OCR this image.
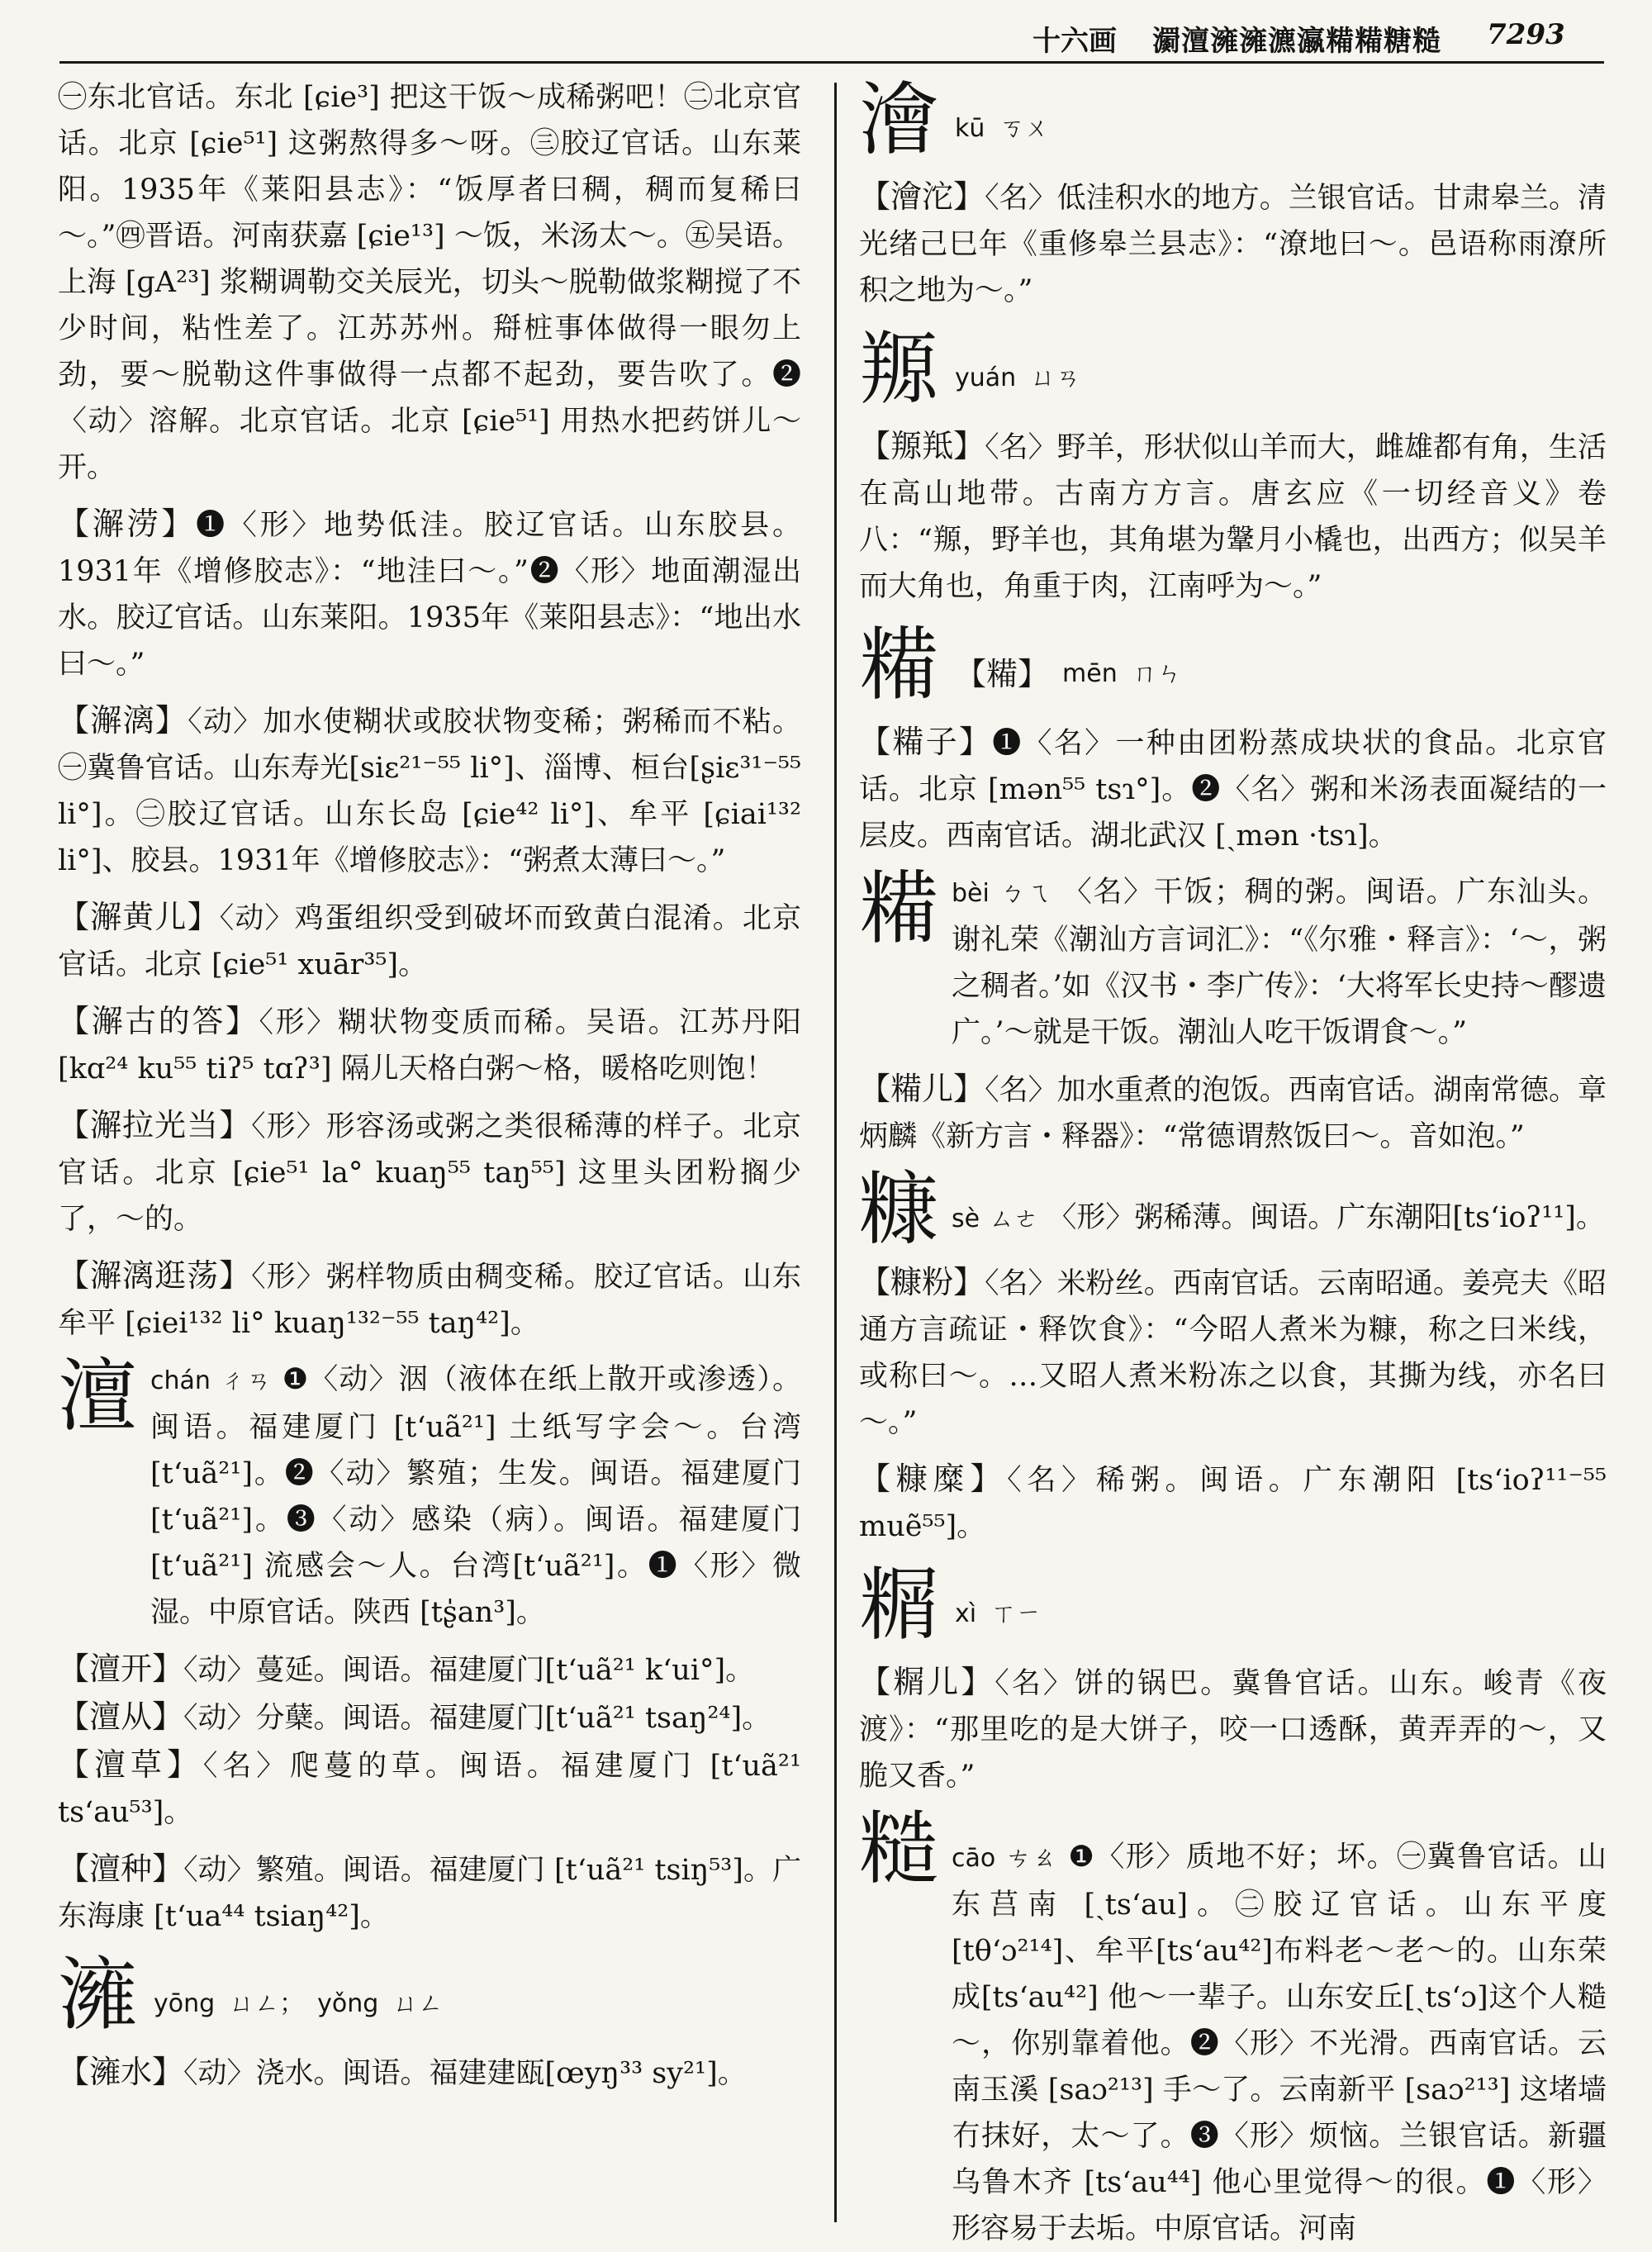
十六画 瀱澶澭澭瀌瀛糒糒糖糙 7293

㊀东北官话。东北 [ɕie³] 把这干饭～成稀粥吧！㊁北京官话。北京 [ɕie⁵¹] 这粥熬得多～呀。㊂胶辽官话。山东莱阳。1935年《莱阳县志》：“饭厚者曰稠，稠而复稀曰～。”㊃晋语。河南获嘉 [ɕie¹³] ～饭，米汤太～。㊄吴语。上海 [ɡA²³] 浆糊调勒交关辰光，切头～脱勒做浆糊搅了不少时间，粘性差了。江苏苏州。搿桩事体做得一眼勿上劲，要～脱勒这件事做得一点都不起劲，要告吹了。❷〈动〉溶解。北京官话。北京 [ɕie⁵¹] 用热水把药饼儿～开。

【澥涝】❶〈形〉地势低洼。胶辽官话。山东胶县。1931年《增修胶志》：“地洼曰～。”❷〈形〉地面潮湿出水。胶辽官话。山东莱阳。1935年《莱阳县志》：“地出水曰～。”

【澥漓】〈动〉加水使糊状或胶状物变稀；粥稀而不粘。㊀冀鲁官话。山东寿光[siɛ²¹⁻⁵⁵ li°]、淄博、桓台[ʂiɛ³¹⁻⁵⁵ li°]。㊁胶辽官话。山东长岛 [ɕie⁴² li°]、牟平 [ɕiai¹³² li°]、胶县。1931年《增修胶志》：“粥煮太薄曰～。”

【澥黄儿】〈动〉鸡蛋组织受到破坏而致黄白混淆。北京官话。北京 [ɕie⁵¹ xuār³⁵]。

【澥古的答】〈形〉糊状物变质而稀。吴语。江苏丹阳 [kɑ²⁴ ku⁵⁵ tiʔ⁵ tɑʔ³] 隔儿天格白粥～格，暖格吃则饱！

【澥拉光当】〈形〉形容汤或粥之类很稀薄的样子。北京官话。北京 [ɕie⁵¹ la° kuaŋ⁵⁵ taŋ⁵⁵] 这里头团粉搁少了，～的。

【澥漓逛荡】〈形〉粥样物质由稠变稀。胶辽官话。山东牟平 [ɕiei¹³² li° kuaŋ¹³²⁻⁵⁵ taŋ⁴²]。

澶 chán ㄔㄢ ❶〈动〉洇（液体在纸上散开或渗透）。闽语。福建厦门 [tʻuã²¹] 土纸写字会～。台湾 [tʻuã²¹]。❷〈动〉繁殖；生发。闽语。福建厦门 [tʻuã²¹]。❸〈动〉感染（病）。闽语。福建厦门 [tʻuã²¹] 流感会～人。台湾[tʻuã²¹]。❶〈形〉微湿。中原官话。陕西 [tʂ̍an³]。

【澶开】〈动〉蔓延。闽语。福建厦门[tʻuã²¹ kʻui°]。

【澶从】〈动〉分蘖。闽语。福建厦门[tʻuã²¹ tsaŋ²⁴]。

【澶草】〈名〉爬蔓的草。闽语。福建厦门 [tʻuã²¹ tsʻau⁵³]。

【澶种】〈动〉繁殖。闽语。福建厦门 [tʻuã²¹ tsiŋ⁵³]。广东海康 [tʻua⁴⁴ tsiaŋ⁴²]。

澭 yōng ㄩㄥ； yǒng ㄩㄥ

【澭水】〈动〉浇水。闽语。福建建瓯[œyŋ³³ sy²¹]。

澮 kū ㄎㄨ

【澮沱】〈名〉低洼积水的地方。兰银官话。甘肃皋兰。清光绪己巳年《重修皋兰县志》：“潦地曰～。邑语称雨潦所积之地为～。”

羱 yuán ㄩㄢ

【羱羝】〈名〉野羊，形状似山羊而大，雌雄都有角，生活在高山地带。古南方方言。唐玄应《一切经音义》卷八：“羱，野羊也，其角堪为鞶月小橇也，出西方；似吴羊而大角也，角重于肉，江南呼为～。”

糒 【糒】 mēn ㄇㄣ

【糒子】❶〈名〉一种由团粉蒸成块状的食品。北京官话。北京 [mən⁵⁵ tsɿ°]。❷〈名〉粥和米汤表面凝结的一层皮。西南官话。湖北武汉 [ˏmən ·tsɿ]。

糒 bèi ㄅㄟ 〈名〉干饭；稠的粥。闽语。广东汕头。谢礼荣《潮汕方言词汇》：“《尔雅・释言》：‘～，粥之稠者。’如《汉书・李广传》：‘大将军长史持～醪遗广。’～就是干饭。潮汕人吃干饭谓食～。”

【糒儿】〈名〉加水重煮的泡饭。西南官话。湖南常德。章炳麟《新方言・释器》：“常德谓熬饭曰～。音如泡。”

糠 sè ㄙㄜ 〈形〉粥稀薄。闽语。广东潮阳[tsʻioʔ¹¹]。

【糠粉】〈名〉米粉丝。西南官话。云南昭通。姜亮夫《昭通方言疏证・释饮食》：“今昭人煮米为糠，称之曰米线，或称曰～。…又昭人煮米粉冻之以食，其撕为线，亦名曰～。”

【糠糜】〈名〉稀粥。闽语。广东潮阳 [tsʻioʔ¹¹⁻⁵⁵ muẽ⁵⁵]。

糏 xì ㄒㄧ

【糏儿】〈名〉饼的锅巴。冀鲁官话。山东。峻青《夜渡》：“那里吃的是大饼子，咬一口透酥，黄弄弄的～，又脆又香。”

糙 cāo ㄘㄠ ❶〈形〉质地不好；坏。㊀冀鲁官话。山东莒南 [ˏtsʻau]。㊁胶辽官话。山东平度 [tθʻɔ²¹⁴]、牟平[tsʻau⁴²]布料老～老～的。山东荣成[tsʻau⁴²] 他～一辈子。山东安丘[ˏtsʻɔ]这个人糙～，你别靠着他。❷〈形〉不光滑。西南官话。云南玉溪 [saɔ²¹³] 手～了。云南新平 [saɔ²¹³] 这堵墙冇抹好，太～了。❸〈形〉烦恼。兰银官话。新疆乌鲁木齐 [tsʻau⁴⁴] 他心里觉得～的很。❶〈形〉形容易于去垢。中原官话。河南
